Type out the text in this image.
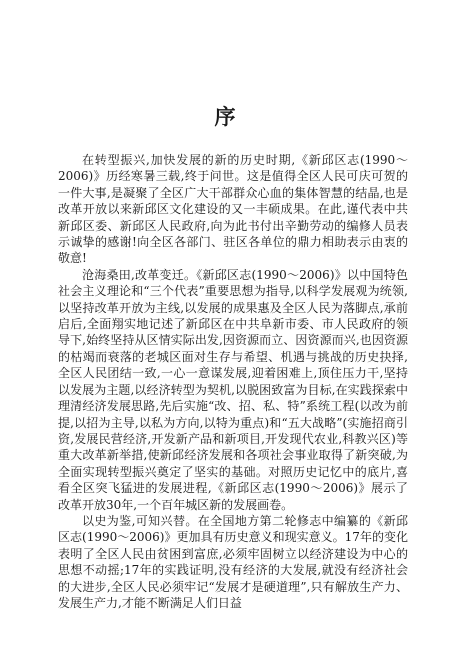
序

在转型振兴,加快发展的新的历史时期,《新邱区志(1990～2006)》历经寒暑三载,终于问世。这是值得全区人民可庆可贺的一件大事,是凝聚了全区广大干部群众心血的集体智慧的结晶,也是改革开放以来新邱区文化建设的又一丰硕成果。在此,谨代表中共新邱区委、新邱区人民政府,向为此书付出辛勤劳动的编修人员表示诚挚的感谢!向全区各部门、驻区各单位的鼎力相助表示由衷的敬意!

沧海桑田,改革变迁。《新邱区志(1990～2006)》以中国特色社会主义理论和“三个代表”重要思想为指导,以科学发展观为统领,以坚持改革开放为主线,以发展的成果惠及全区人民为落脚点,承前启后,全面翔实地记述了新邱区在中共阜新市委、市人民政府的领导下,始终坚持从区情实际出发,因资源而立、因资源而兴,也因资源的枯竭而衰落的老城区面对生存与希望、机遇与挑战的历史抉择,全区人民团结一致,一心一意谋发展,迎着困难上,顶住压力干,坚持以发展为主题,以经济转型为契机,以脱困致富为目标,在实践探索中理清经济发展思路,先后实施“改、招、私、特”系统工程(以改为前提,以招为主导,以私为方向,以特为重点)和“五大战略”(实施招商引资,发展民营经济,开发新产品和新项目,开发现代农业,科教兴区)等重大改革新举措,使新邱经济发展和各项社会事业取得了新突破,为全面实现转型振兴奠定了坚实的基础。对照历史记忆中的底片,喜看全区突飞猛进的发展进程,《新邱区志(1990～2006)》展示了改革开放30年,一个百年城区新的发展画卷。

以史为鉴,可知兴替。在全国地方第二轮修志中编纂的《新邱区志(1990～2006)》更加具有历史意义和现实意义。17年的变化表明了全区人民由贫困到富庶,必须牢固树立以经济建设为中心的思想不动摇;17年的实践证明,没有经济的大发展,就没有经济社会的大进步,全区人民必须牢记“发展才是硬道理”,只有解放生产力、发展生产力,才能不断满足人们日益
